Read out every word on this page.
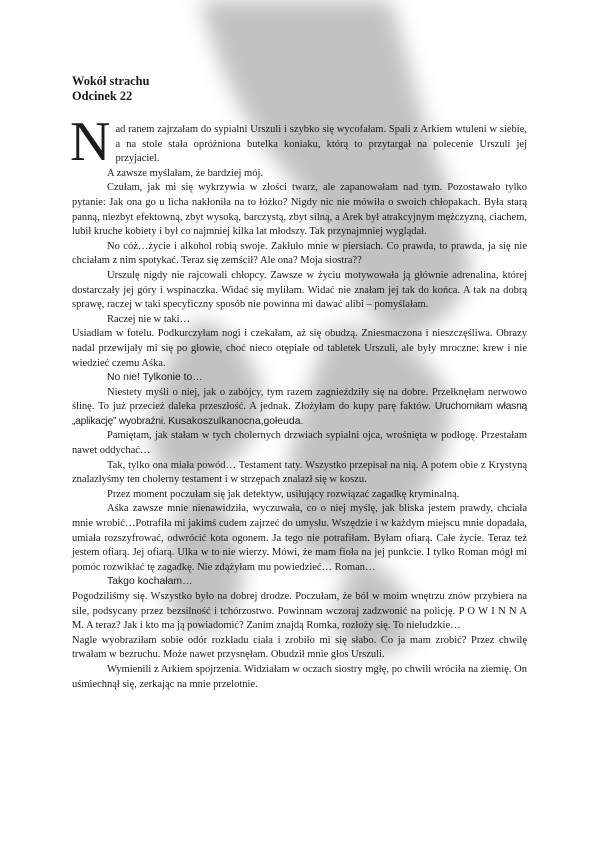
Wokół strachu
Odcinek 22

Nad ranem zajrzałam do sypialni Urszuli i szybko się wycofałam. Spali z Arkiem wtuleni w siebie, a na stole stała opróżniona butelka koniaku, którą to przytargał na polecenie Urszuli jej przyjaciel.

A zawsze myślałam, że bardziej mój.

Czułam, jak mi się wykrzywia w złości twarz, ale zapanowałam nad tym. Pozostawało tylko pytanie: Jak ona go u licha nakłoniła na to łóżko? Nigdy nic nie mówiła o swoich chłopakach. Była starą panną, niezbyt efektowną, zbyt wysoką, barczystą, zbyt silną, a Arek był atrakcyjnym mężczyzną, ciachem, lubił kruche kobiety i był co najmniej kilka lat młodszy. Tak przynajmniej wyglądał.

No cóż…życie i alkohol robią swoje. Zakłuło mnie w piersiach. Co prawda, to prawda, ja się nie chciałam z nim spotykać. Teraz się zemścił? Ale ona? Moja siostra??

Urszulę nigdy nie rajcowali chłopcy. Zawsze w życiu motywowała ją głównie adrenalina, której dostarczały jej góry i wspinaczka. Widać się myliłam. Widać nie znałam jej tak do końca. A tak na dobrą sprawę, raczej w taki specyficzny sposób nie powinna mi dawać alibi – pomyślałam.

Raczej nie w taki…

Usiadłam w fotelu. Podkurczyłam nogi i czekałam, aż się obudzą. Zniesmaczona i nieszczęśliwa. Obrazy nadal przewijały mi się po głowie, choć nieco otępiałe od tabletek Urszuli, ale były mroczne: krew i nie wiedzieć czemu Aśka.

No nie! Tylkonie to…

Niestety myśli o niej, jak o zabójcy, tym razem zagnieździły się na dobre. Przełknęłam nerwowo ślinę. To już przecież daleka przeszłość. A jednak. Złożyłam do kupy parę faktów. Uruchomiłam własną „aplikację” wyobraźni. Kusakoszulkanocna,gołeuda.

Pamiętam, jak stałam w tych cholernych drzwiach sypialni ojca, wrośnięta w podłogę. Przestałam nawet oddychać…

Tak, tylko ona miała powód… Testament taty. Wszystko przepisał na nią. A potem obie z Krystyną znalazłyśmy ten cholerny testament i w strzępach znalazł się w koszu.

Przez moment poczułam się jak detektyw, usiłujący rozwiązać zagadkę kryminalną.

Aśka zawsze mnie nienawidziła, wyczuwała, co o niej myślę, jak bliska jestem prawdy, chciała mnie wrobić…Potrafiła mi jakimś cudem zajrzeć do umysłu. Wszędzie i w każdym miejscu mnie dopadała, umiała rozszyfrować, odwrócić kota ogonem. Ja tego nie potrafiłam. Byłam ofiarą. Całe życie. Teraz też jestem ofiarą. Jej ofiarą. Ulka w to nie wierzy. Mówi, że mam fioła na jej punkcie. I tylko Roman mógł mi pomóc rozwikłać tę zagadkę. Nie zdążyłam mu powiedzieć… Roman…

Takgo kochałam…

Pogodziliśmy się. Wszystko było na dobrej drodze. Poczułam, że ból w moim wnętrzu znów przybiera na sile, podsycany przez bezsilność i tchórzostwo. Powinnam wczoraj zadzwonić na policję. P O W I N N A M. A teraz? Jak i kto ma ją powiadomić? Zanim znajdą Romka, rozłoży się. To nieludzkie…

Nagle wyobraziłam sobie odór rozkładu ciała i zrobiło mi się słabo. Co ja mam zrobić? Przez chwilę trwałam w bezruchu. Może nawet przysnęłam. Obudził mnie głos Urszuli.

Wymienili z Arkiem spojrzenia. Widziałam w oczach siostry mgłę, po chwili wróciła na ziemię. On uśmiechnął się, zerkając na mnie przelotnie.
